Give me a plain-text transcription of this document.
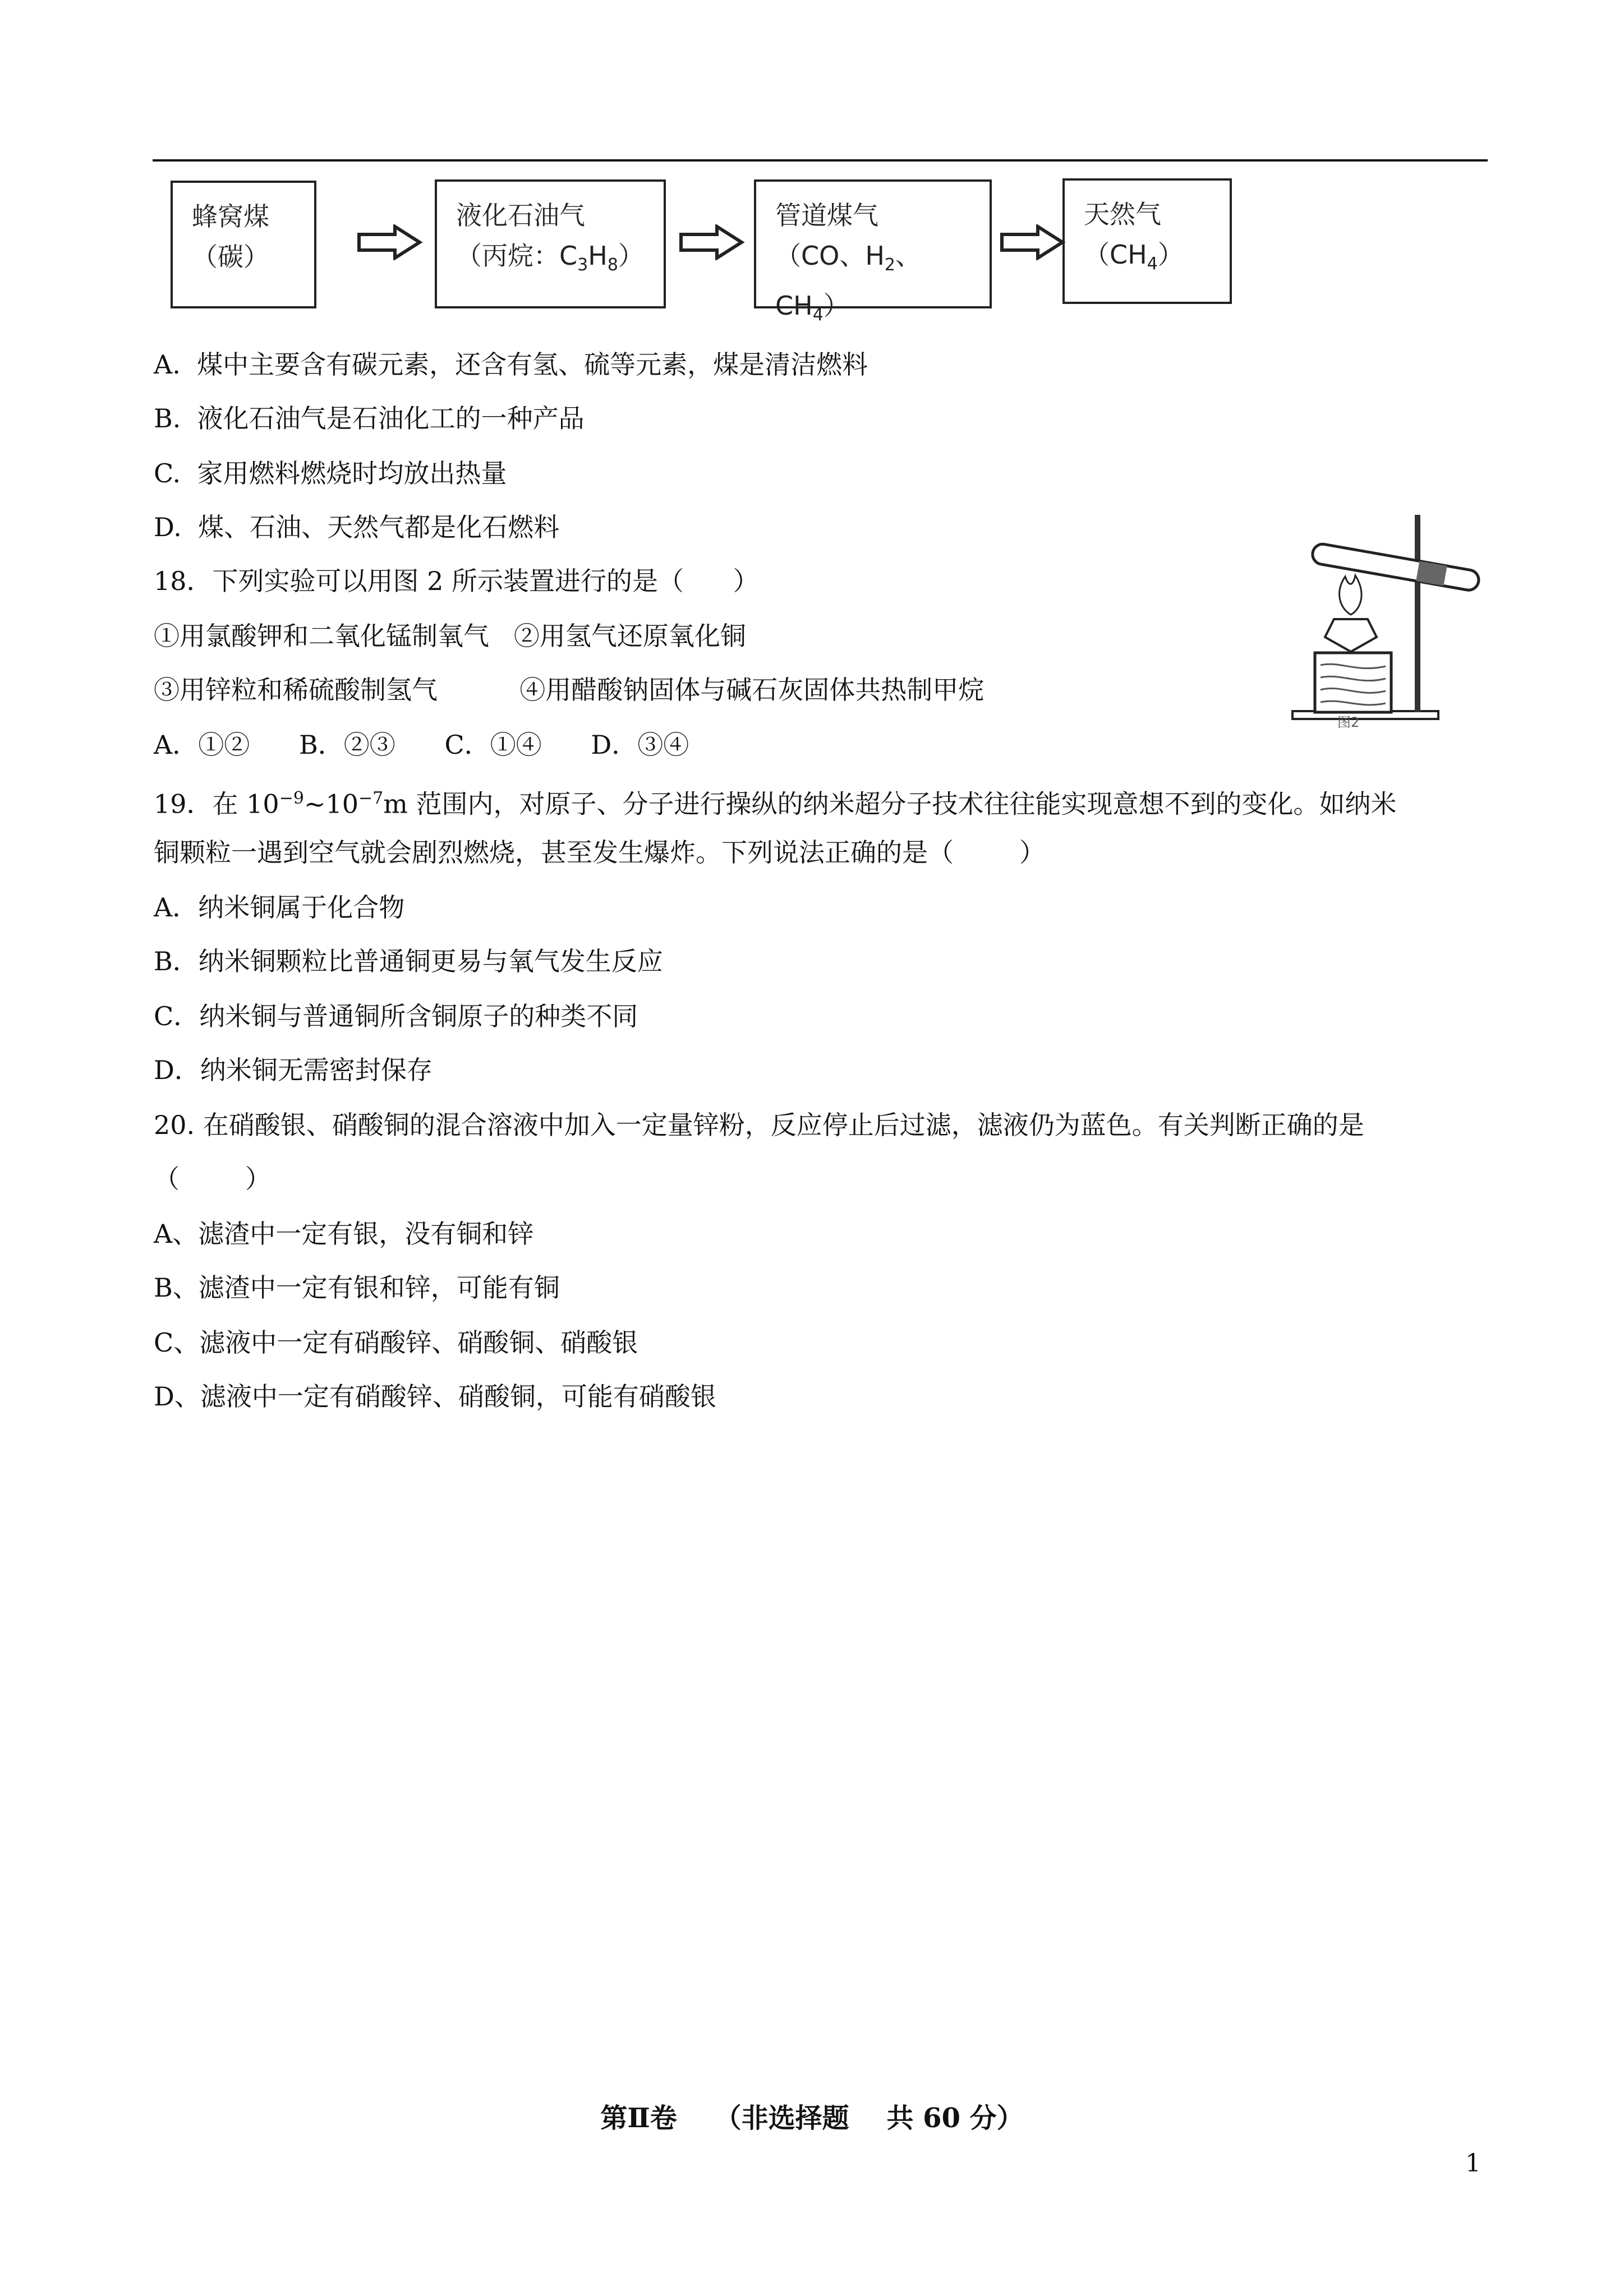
蜂窝煤
（碳）
液化石油气
（丙烷：$C_3H_8$）
管道煤气
（CO、$H_2$、$CH_4$）
天然气
$(CH_4)$
A.  煤中主要含有碳元素，还含有氢、硫等元素，煤是清洁燃料
B.  液化石油气是石油化工的一种产品
C.  家用燃料燃烧时均放出热量
D.  煤、石油、天然气都是化石燃料
18．下列实验可以用图 2 所示装置进行的是（      ）
①用氯酸钾和二氧化锰制氧气   ②用氢气还原氧化铜
③用锌粒和稀硫酸制氢气          ④用醋酸钠固体与碱石灰固体共热制甲烷
A．①②      B．②③      C．①④      D．③④
图2
19．在 $10^{-9}\sim 10^{-7}m$ 范围内，对原子、分子进行操纵的纳米超分子技术往往能实现意想不到的变化。如纳米
铜颗粒一遇到空气就会剧烈燃烧，甚至发生爆炸。下列说法正确的是（        ）
A．纳米铜属于化合物
B．纳米铜颗粒比普通铜更易与氧气发生反应
C．纳米铜与普通铜所含铜原子的种类不同
D．纳米铜无需密封保存
20. 在硝酸银、硝酸铜的混合溶液中加入一定量锌粉，反应停止后过滤，滤液仍为蓝色。有关判断正确的是
（        ）
A、滤渣中一定有银，没有铜和锌
B、滤渣中一定有银和锌，可能有铜
C、滤液中一定有硝酸锌、硝酸铜、硝酸银
D、滤液中一定有硝酸锌、硝酸铜，可能有硝酸银
第Ⅱ卷    （非选择题    共 60 分）
1
